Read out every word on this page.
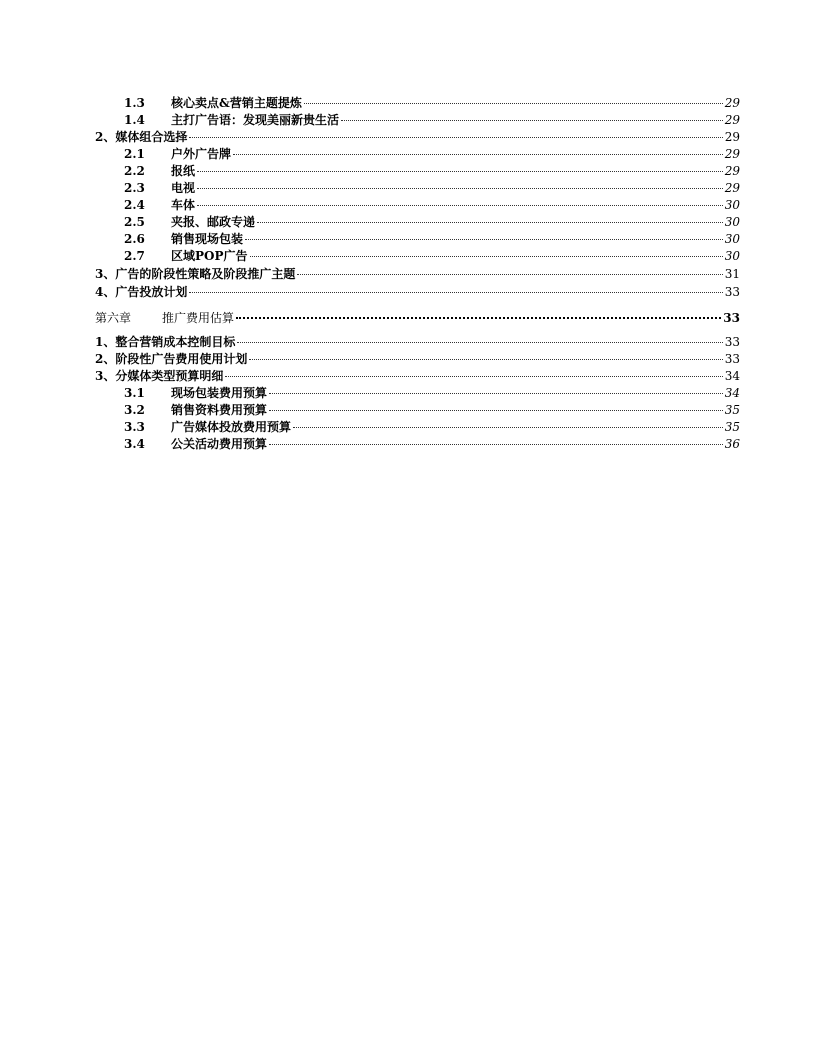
1.3 核心卖点&营销主题提炼	29
1.4 主打广告语：发现美丽新贵生活	29
2、媒体组合选择	29
2.1 户外广告牌	29
2.2 报纸	29
2.3 电视	29
2.4 车体	30
2.5 夹报、邮政专递	30
2.6 销售现场包装	30
2.7 区域POP广告	30
3、广告的阶段性策略及阶段推广主题	31
4、广告投放计划	33
第六章	推广费用估算	33
1、整合营销成本控制目标	33
2、阶段性广告费用使用计划	33
3、分媒体类型预算明细	34
3.1 现场包装费用预算	34
3.2 销售资料费用预算	35
3.3 广告媒体投放费用预算	35
3.4 公关活动费用预算	36
